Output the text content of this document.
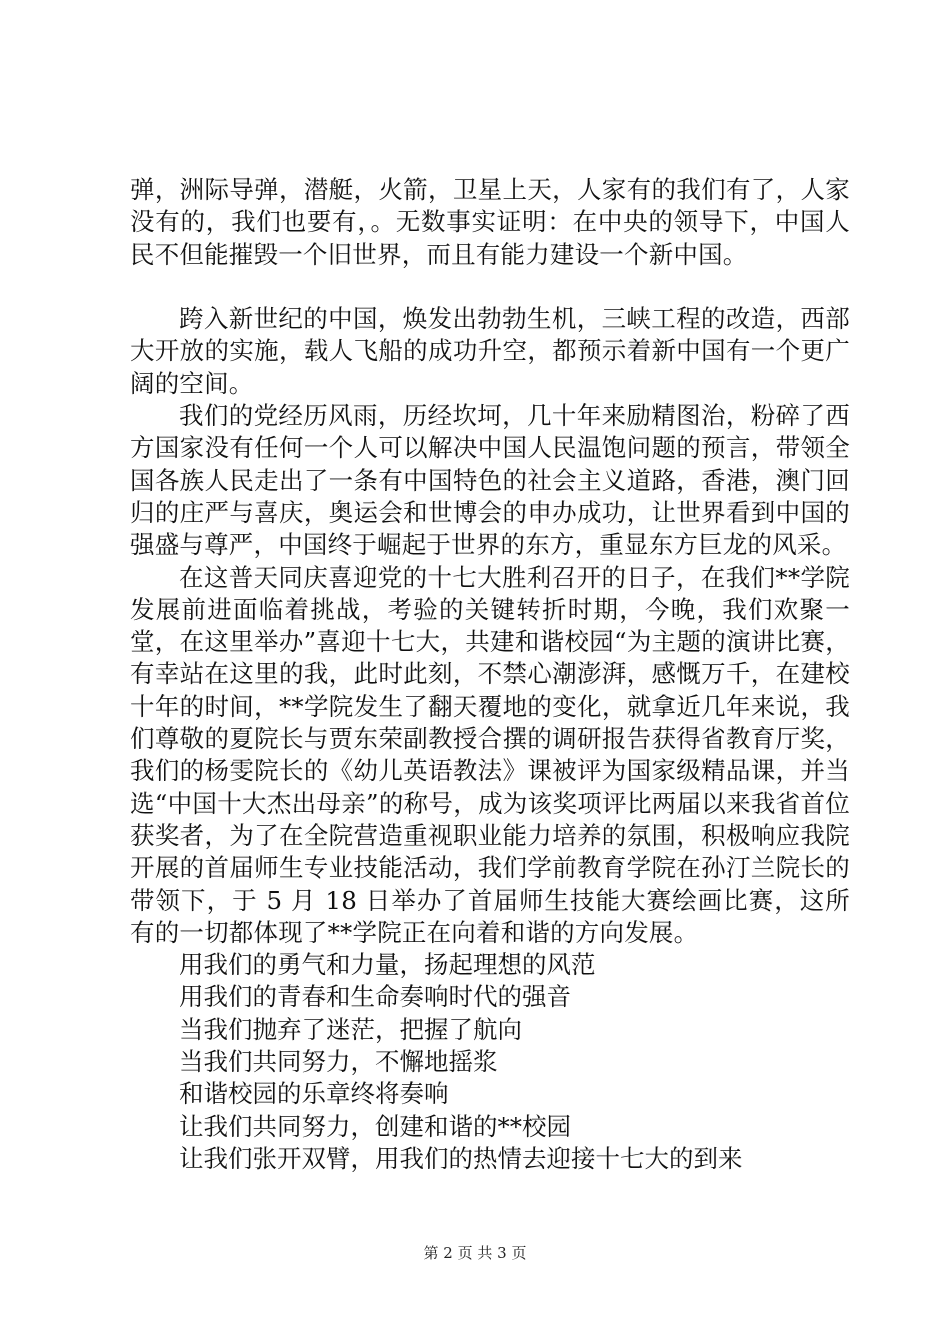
弹，洲际导弹，潜艇，火箭，卫星上天，人家有的我们有了，人家没有的，我们也要有，。无数事实证明：在中央的领导下，中国人民不但能摧毁一个旧世界，而且有能力建设一个新中国。

跨入新世纪的中国，焕发出勃勃生机，三峡工程的改造，西部大开放的实施，载人飞船的成功升空，都预示着新中国有一个更广阔的空间。

我们的党经历风雨，历经坎坷，几十年来励精图治，粉碎了西方国家没有任何一个人可以解决中国人民温饱问题的预言，带领全国各族人民走出了一条有中国特色的社会主义道路，香港，澳门回归的庄严与喜庆，奥运会和世博会的申办成功，让世界看到中国的强盛与尊严，中国终于崛起于世界的东方，重显东方巨龙的风采。

在这普天同庆喜迎党的十七大胜利召开的日子，在我们**学院发展前进面临着挑战，考验的关键转折时期，今晚，我们欢聚一堂，在这里举办”喜迎十七大，共建和谐校园“为主题的演讲比赛，有幸站在这里的我，此时此刻，不禁心潮澎湃，感慨万千，在建校十年的时间，**学院发生了翻天覆地的变化，就拿近几年来说，我们尊敬的夏院长与贾东荣副教授合撰的调研报告获得省教育厅奖，我们的杨雯院长的《幼儿英语教法》课被评为国家级精品课，并当选“中国十大杰出母亲”的称号，成为该奖项评比两届以来我省首位获奖者，为了在全院营造重视职业能力培养的氛围，积极响应我院开展的首届师生专业技能活动，我们学前教育学院在孙汀兰院长的带领下，于 5 月 18 日举办了首届师生技能大赛绘画比赛，这所有的一切都体现了**学院正在向着和谐的方向发展。

用我们的勇气和力量，扬起理想的风范

用我们的青春和生命奏响时代的强音

当我们抛弃了迷茫，把握了航向

当我们共同努力，不懈地摇浆

和谐校园的乐章终将奏响

让我们共同努力，创建和谐的**校园

让我们张开双臂，用我们的热情去迎接十七大的到来

第 2 页 共 3 页
